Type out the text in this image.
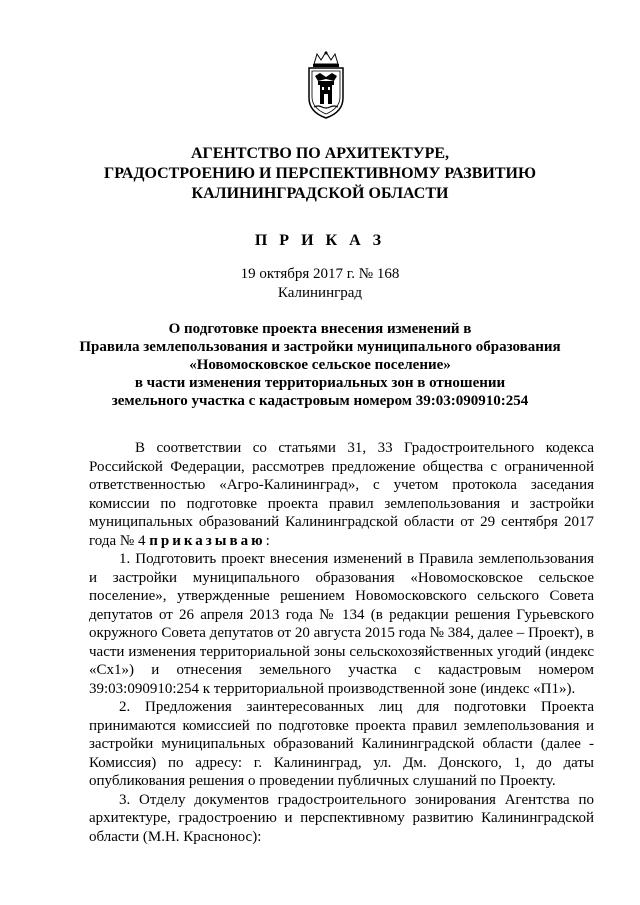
АГЕНТСТВО ПО АРХИТЕКТУРЕ,
ГРАДОСТРОЕНИЮ И ПЕРСПЕКТИВНОМУ РАЗВИТИЮ
КАЛИНИНГРАДСКОЙ ОБЛАСТИ
П Р И К А З
19 октября 2017 г. № 168
Калининград
О подготовке проекта внесения изменений в
Правила землепользования и застройки муниципального образования
«Новомосковское сельское поселение»
в части изменения территориальных зон в отношении
земельного участка с кадастровым номером 39:03:090910:254

В соответствии со статьями 31, 33 Градостроительного кодекса Российской Федерации, рассмотрев предложение общества с ограниченной ответственностью «Агро-Калининград», с учетом протокола заседания комиссии по подготовке проекта правил землепользования и застройки муниципальных образований Калининградской области от 29 сентября 2017 года № 4 приказываю:

1. Подготовить проект внесения изменений в Правила землепользования и застройки муниципального образования «Новомосковское сельское поселение», утвержденные решением Новомосковского сельского Совета депутатов от 26 апреля 2013 года № 134 (в редакции решения Гурьевского окружного Совета депутатов от 20 августа 2015 года № 384, далее – Проект), в части изменения территориальной зоны сельскохозяйственных угодий (индекс «Сх1») и отнесения земельного участка с кадастровым номером 39:03:090910:254 к территориальной производственной зоне (индекс «П1»).

2. Предложения заинтересованных лиц для подготовки Проекта принимаются комиссией по подготовке проекта правил землепользования и застройки муниципальных образований Калининградской области (далее - Комиссия) по адресу: г. Калининград, ул. Дм. Донского, 1, до даты опубликования решения о проведении публичных слушаний по Проекту.

3. Отделу документов градостроительного зонирования Агентства по архитектуре, градостроению и перспективному развитию Калининградской области (М.Н. Краснонос):
